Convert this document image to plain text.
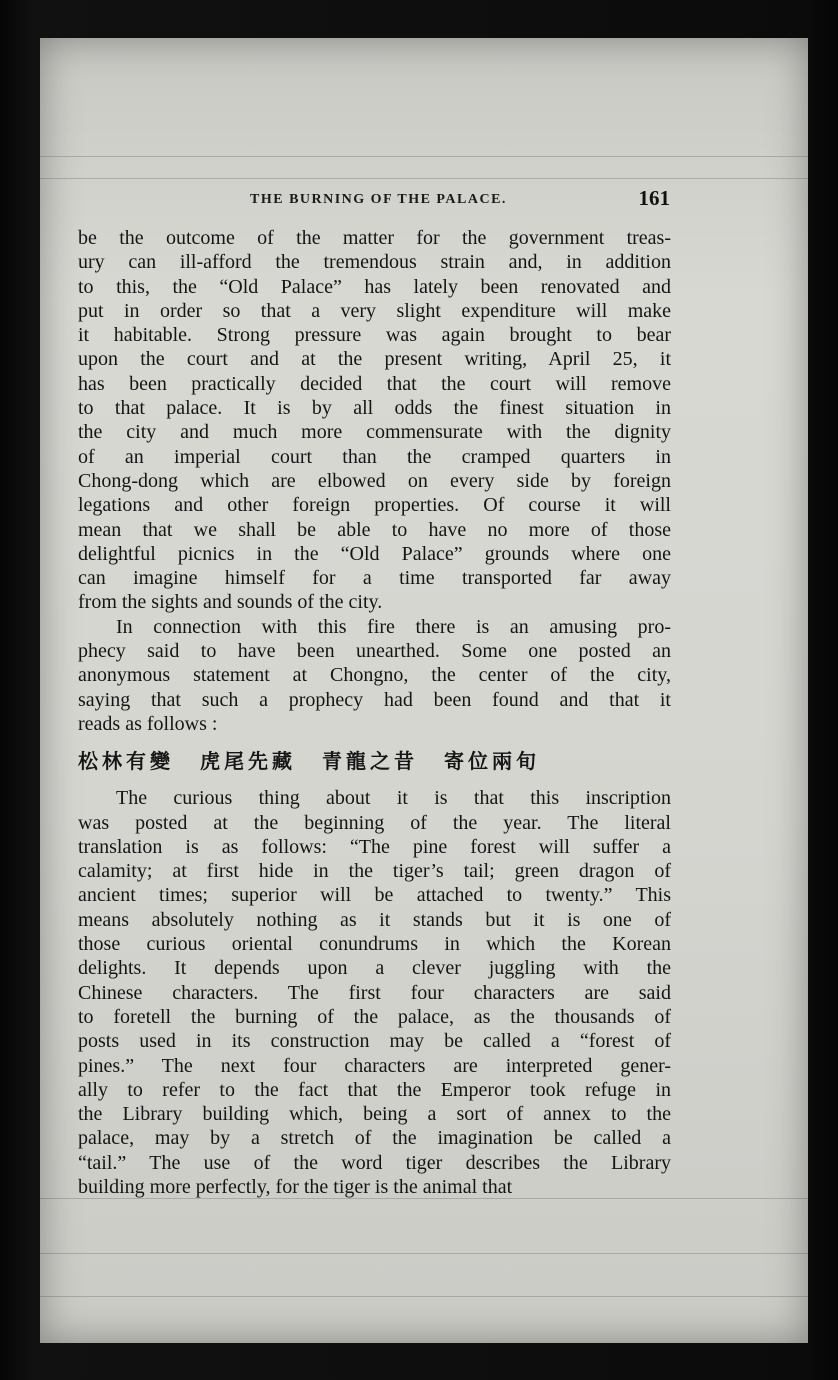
THE BURNING OF THE PALACE.	161
be the outcome of the matter for the government treas-
ury can ill-afford the tremendous strain and, in addition
to this, the “Old Palace” has lately been renovated and
put in order so that a very slight expenditure will make
it habitable. Strong pressure was again brought to bear
upon the court and at the present writing, April 25, it
has been practically decided that the court will remove
to that palace. It is by all odds the finest situation in
the city and much more commensurate with the dignity
of an imperial court than the cramped quarters in
Chong-dong which are elbowed on every side by foreign
legations and other foreign properties. Of course it will
mean that we shall be able to have no more of those
delightful picnics in the “Old Palace” grounds where one
can imagine himself for a time transported far away
from the sights and sounds of the city.
In connection with this fire there is an amusing pro-
phecy said to have been unearthed. Some one posted an
anonymous statement at Chongno, the center of the city,
saying that such a prophecy had been found and that it
reads as follows :
松林有變 虎尾先藏 青龍之昔 寄位兩旬
The curious thing about it is that this inscription
was posted at the beginning of the year. The literal
translation is as follows: “The pine forest will suffer a
calamity; at first hide in the tiger’s tail; green dragon of
ancient times; superior will be attached to twenty.” This
means absolutely nothing as it stands but it is one of
those curious oriental conundrums in which the Korean
delights. It depends upon a clever juggling with the
Chinese characters. The first four characters are said
to foretell the burning of the palace, as the thousands of
posts used in its construction may be called a “forest of
pines.” The next four characters are interpreted gener-
ally to refer to the fact that the Emperor took refuge in
the Library building which, being a sort of annex to the
palace, may by a stretch of the imagination be called a
“tail.” The use of the word tiger describes the Library
building more perfectly, for the tiger is the animal that
